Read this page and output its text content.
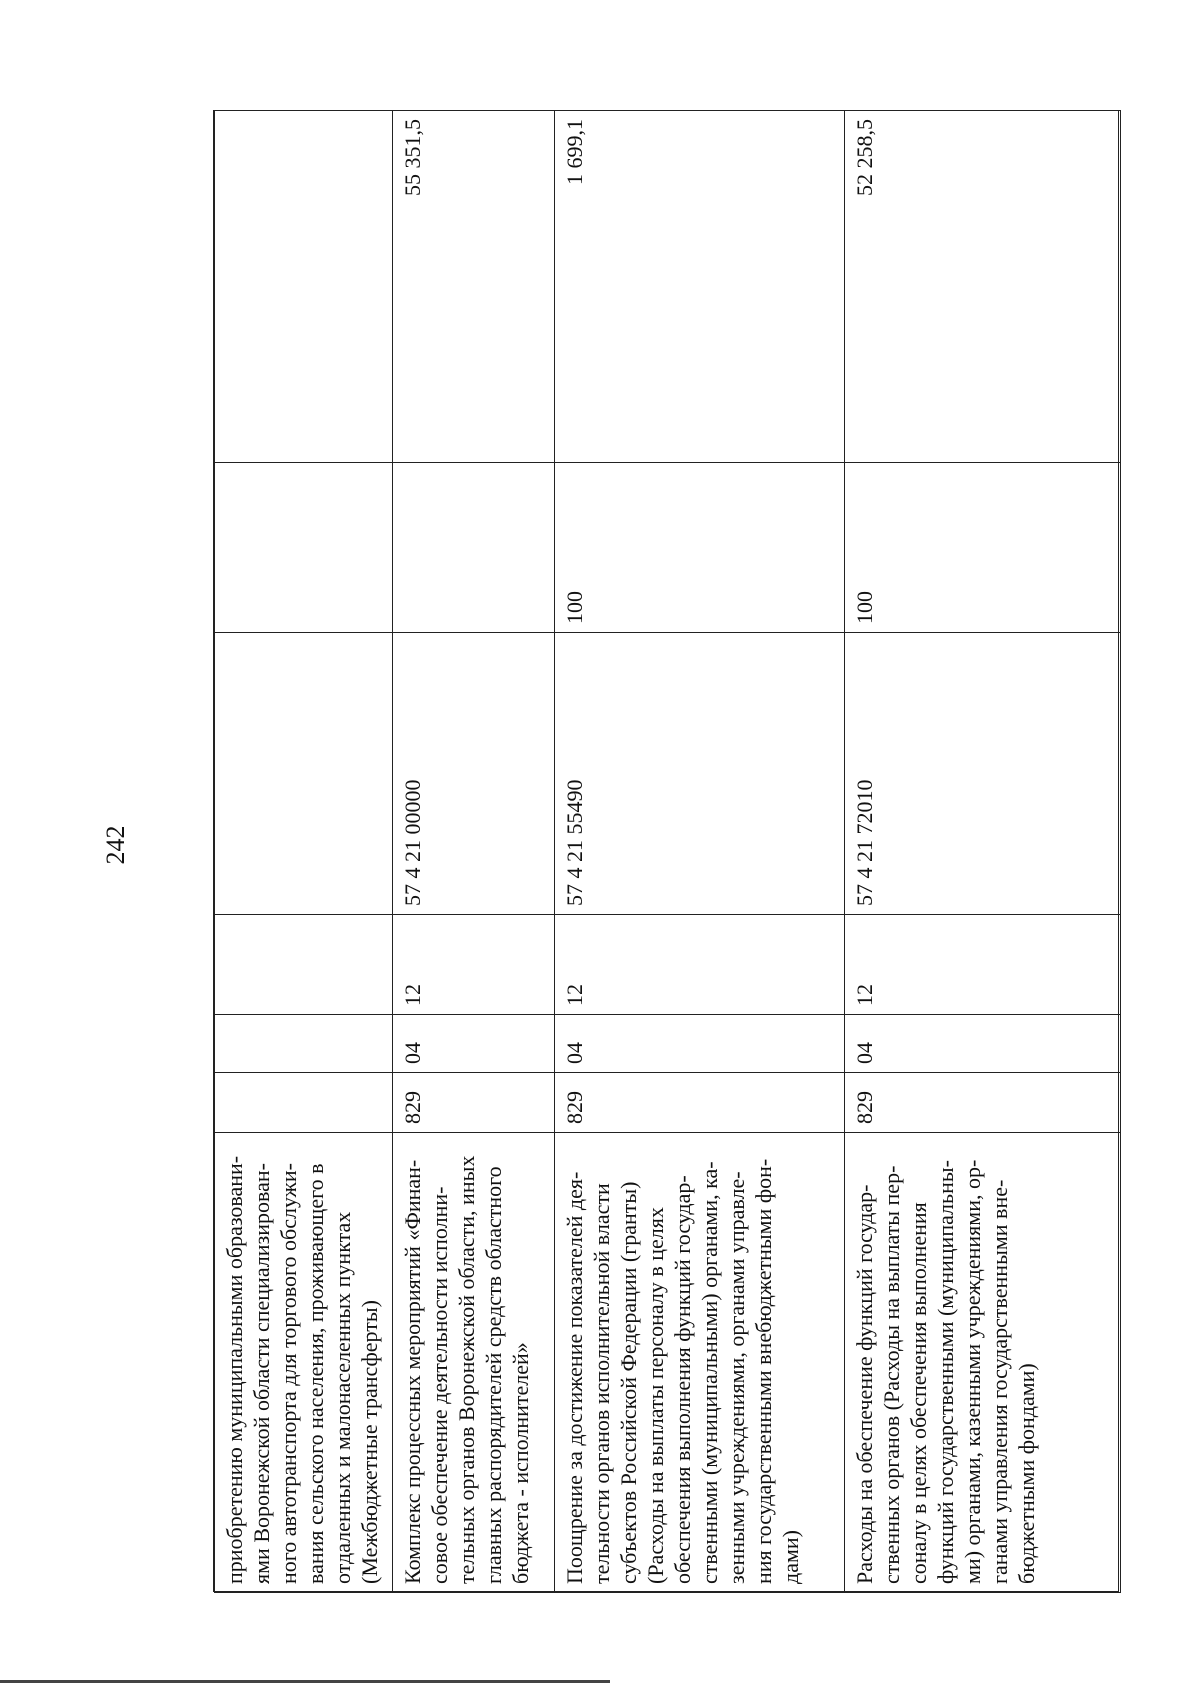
242
приобретению муниципальными образовани-ями Воронежской области специализирован-ного автотранспорта для торгового обслужи-вания сельского населения, проживающего в отдаленных и малонаселенных пунктах (Межбюджетные трансферты)						
Комплекс процессных мероприятий «Финан-совое обеспечение деятельности исполни-тельных органов Воронежской области, иных главных распорядителей средств областного бюджета - исполнителей»	829	04	12	57 4 21 00000		55 351,5
Поощрение за достижение показателей дея-тельности органов исполнительной власти субъектов Российской Федерации (гранты) (Расходы на выплаты персоналу в целях обеспечения выполнения функций государ-ственными (муниципальными) органами, ка-зенными учреждениями, органами управле-ния государственными внебюджетными фон-дами)	829	04	12	57 4 21 55490	100	1 699,1
Расходы на обеспечение функций государ-ственных органов (Расходы на выплаты пер-соналу в целях обеспечения выполнения функций государственными (муниципальны-ми) органами, казенными учреждениями, ор-ганами управления государственными вне-бюджетными фондами)	829	04	12	57 4 21 72010	100	52 258,5
